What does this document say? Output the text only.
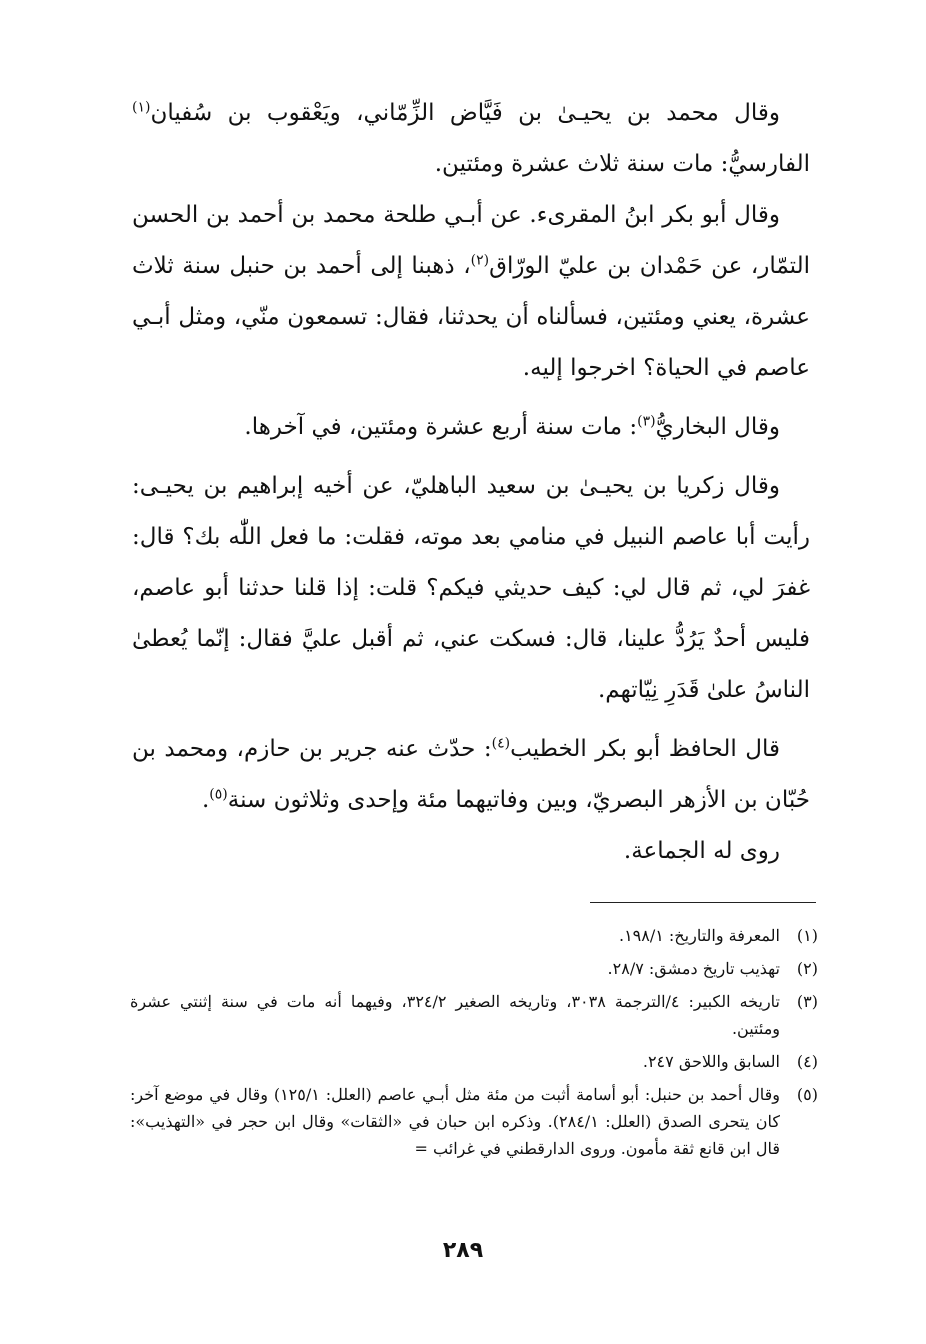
وقال محمد بن يحيـىٰ بن فَيَّاض الزِّمّاني، ويَعْقوب بن سُفيان$^{(١)}$ الفارسيُّ: مات سنة ثلاث عشرة ومئتين.

وقال أبو بكر ابنُ المقرىء. عن أبـي طلحة محمد بن أحمد بن الحسن التمّار، عن حَمْدان بن عليّ الورّاق$^{(٢)}$، ذهبنا إلى أحمد بن حنبل سنة ثلاث عشرة، يعني ومئتين، فسألناه أن يحدثنا، فقال: تسمعون منّي، ومثل أبـي عاصم في الحياة؟ اخرجوا إليه.

وقال البخاريُّ$^{(٣)}$: مات سنة أربع عشرة ومئتين، في آخرها.

وقال زكريا بن يحيـىٰ بن سعيد الباهليّ، عن أخيه إبراهيم بن يحيـى: رأيت أبا عاصم النبيل في منامي بعد موته، فقلت: ما فعل اللّٰه بك؟ قال: غفرَ لي، ثم قال لي: كيف حديثي فيكم؟ قلت: إذا قلنا حدثنا أبو عاصم، فليس أحدٌ يَرُدُّ علينا، قال: فسكت عني، ثم أقبل عليَّ فقال: إنّما يُعطىٰ الناسُ علىٰ قَدَرِ نِيّاتهم.

قال الحافظ أبو بكر الخطيب$^{(٤)}$: حدّث عنه جرير بن حازم، ومحمد بن حُبّان بن الأزهر البصريّ، وبين وفاتيهما مئة وإحدى وثلاثون سنة$^{(٥)}$.

روى له الجماعة.

(١)
المعرفة والتاريخ: ١٩٨/١.
(٢)
تهذيب تاريخ دمشق: ٢٨/٧.
(٣)
تاريخه الكبير: ٤/الترجمة ٣٠٣٨، وتاريخه الصغير ٣٢٤/٢، وفيهما أنه مات في سنة إثنتي عشرة ومئتين.
(٤)
السابق واللاحق ٢٤٧.
(٥)
وقال أحمد بن حنبل: أبو أسامة أثبت من مئة مثل أبـي عاصم (العلل: ١٢٥/١) وقال في موضع آخر: كان يتحرى الصدق (العلل: ٢٨٤/١). وذكره ابن حبان في «الثقات» وقال ابن حجر في «التهذيب»: قال ابن قانع ثقة مأمون. وروى الدارقطني في غرائب =
٢٨٩
